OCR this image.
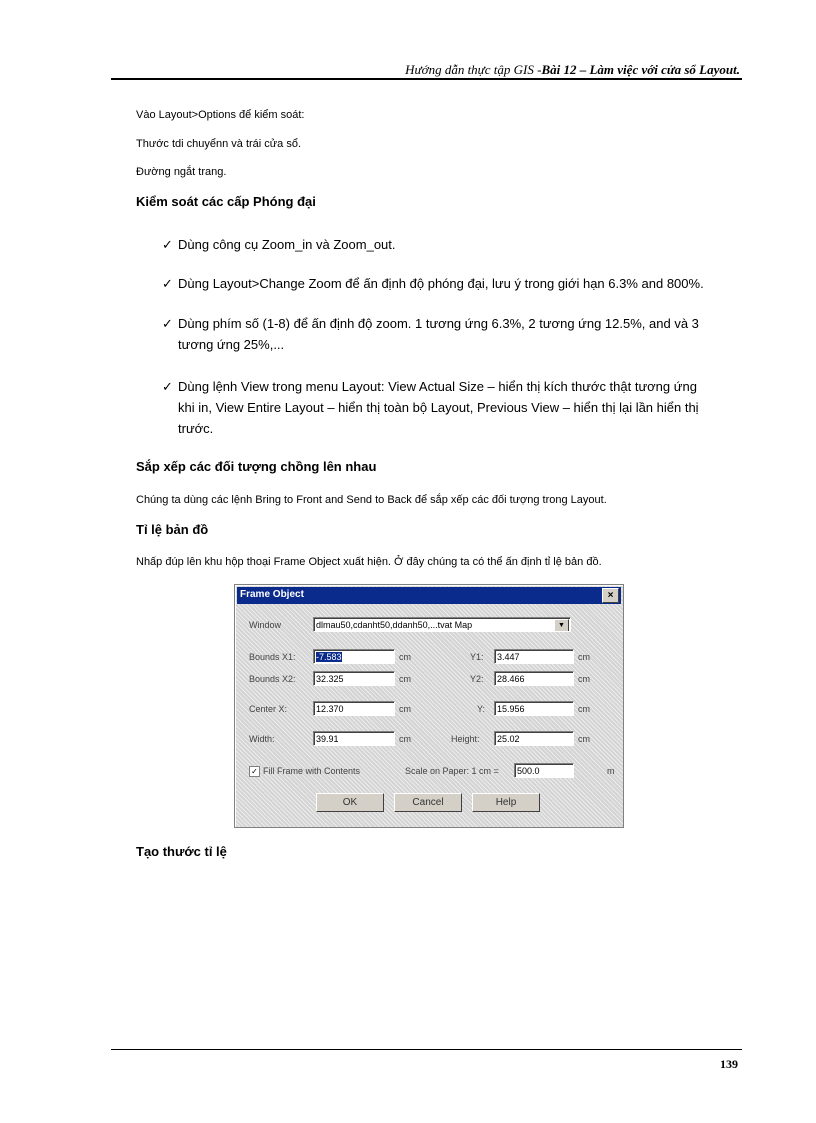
Hướng dẫn thực tập GIS -Bài 12 – Làm việc với cửa sổ Layout.
Vào Layout>Options để kiểm soát:
Thước tdi chuyểnn và trái cửa sổ.
Đường ngắt trang.
Kiểm soát các cấp Phóng đại
✓ Dùng công cụ Zoom_in và Zoom_out.
✓ Dùng Layout>Change Zoom để ấn định độ phóng đại, lưu ý trong giới hạn 6.3% and 800%.
✓ Dùng phím số (1-8) để ấn định độ zoom. 1 tương ứng 6.3%, 2 tương ứng 12.5%, and và 3
tương ứng 25%,...
✓ Dùng lệnh View trong menu Layout: View Actual Size – hiển thị kích thước thật tương ứng
khi in, View Entire Layout – hiển thị toàn bộ Layout, Previous View – hiển thị lại lần hiển thị
trước.
Sắp xếp các đối tượng chồng lên nhau
Chúng ta dùng các lệnh Bring to Front and Send to Back để sắp xếp các đối tượng trong Layout.
Tỉ lệ bản đồ
Nhấp đúp lên khu hộp thoại Frame Object xuất hiện. Ở đây chúng ta có thể ấn định tỉ lệ bản đồ.
Frame Object	×
Window	dlmau50,cdanht50,ddanh50,...tvat Map	▼
Bounds X1:	-7.583	cm	Y1:	3.447	cm
Bounds X2:	32.325	cm	Y2:	28.466	cm
Center X:	12.370	cm	Y:	15.956	cm
Width:	39.91	cm	Height:	25.02	cm
✓ Fill Frame with Contents	Scale on Paper: 1 cm =	500.0	m
OK	Cancel	Help
Tạo thước tỉ lệ
139
